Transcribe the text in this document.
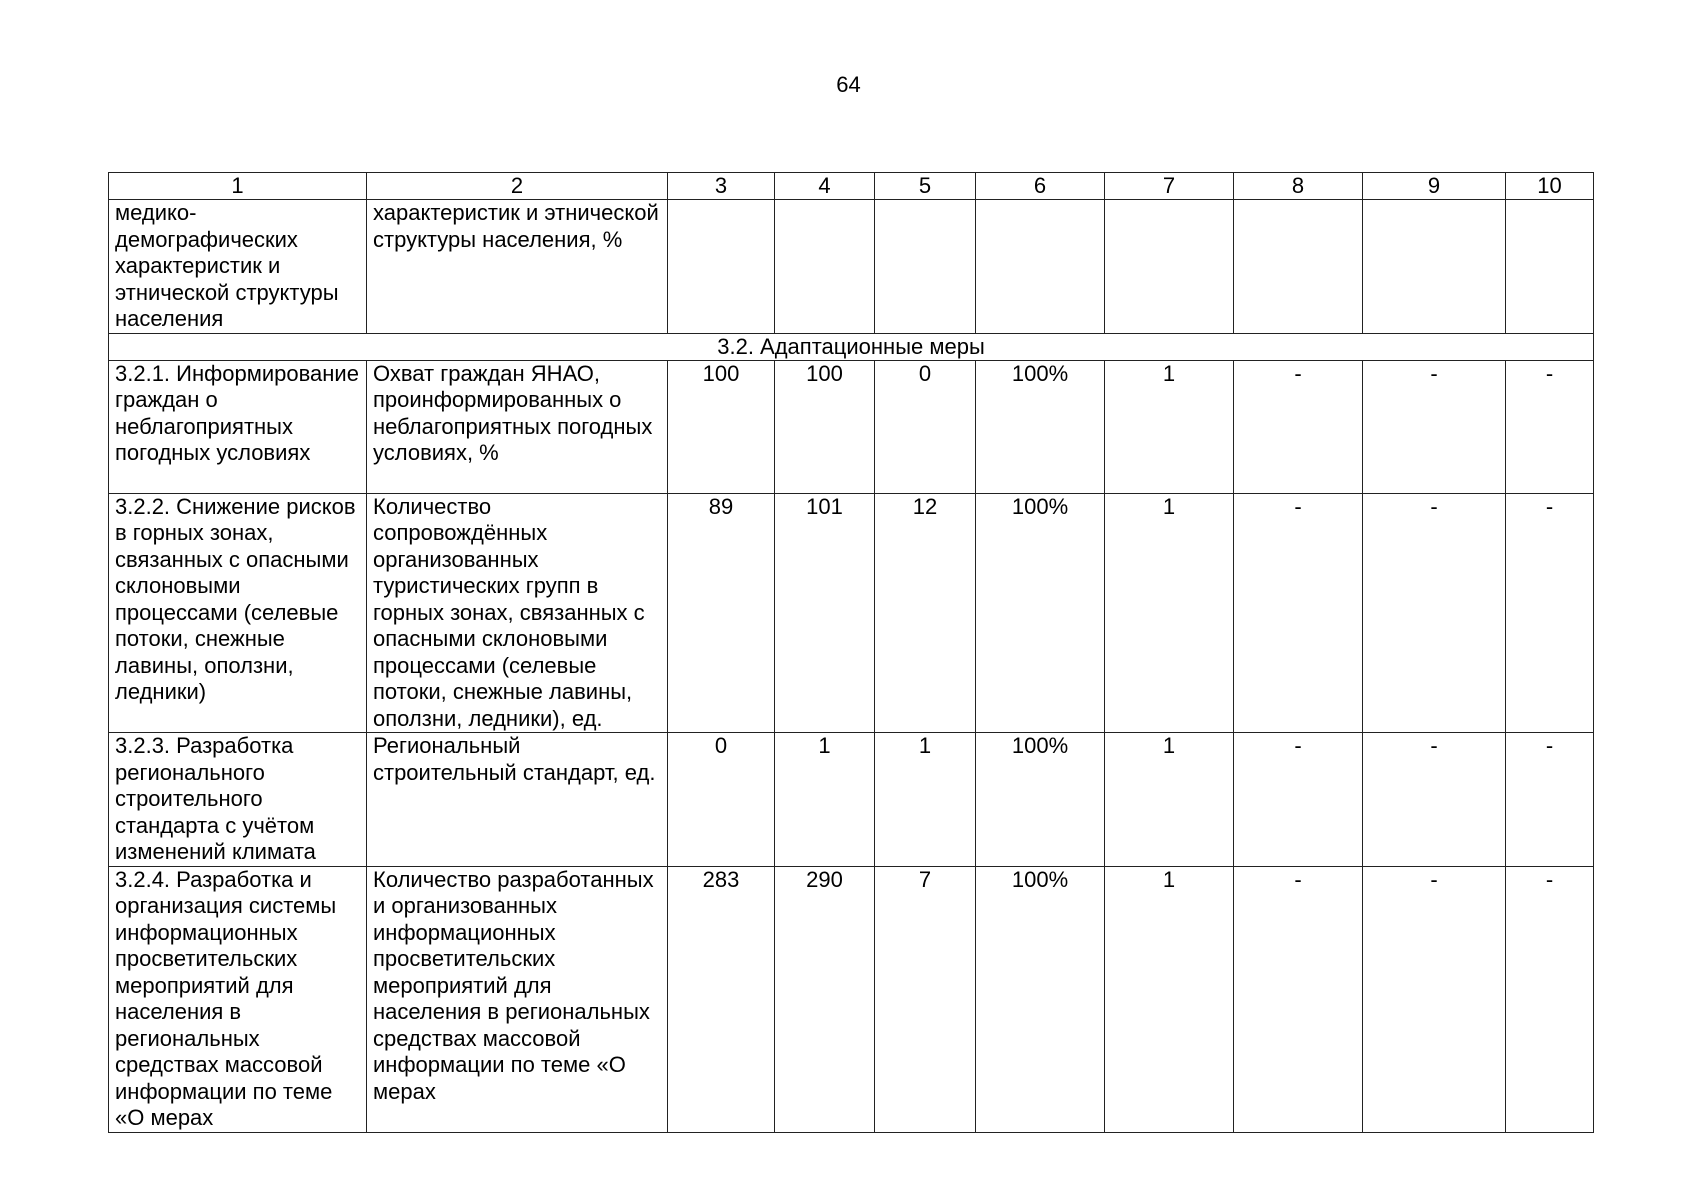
64
1	2	3	4	5	6	7	8	9	10
медико-демографических характеристик и этнической структуры населения	характеристик и этнической структуры населения, %								
3.2. Адаптационные меры									
3.2.1. Информирование граждан о неблагоприятных погодных условиях	Охват граждан ЯНАО, проинформированных о неблагоприятных погодных условиях, %	100	100	0	100%	1	-	-	-
3.2.2. Снижение рисков в горных зонах, связанных с опасными склоновыми процессами (селевые потоки, снежные лавины, оползни, ледники)	Количество сопровождённых организованных туристических групп в горных зонах, связанных с опасными склоновыми процессами (селевые потоки, снежные лавины, оползни, ледники), ед.	89	101	12	100%	1	-	-	-
3.2.3. Разработка регионального строительного стандарта с учётом изменений климата	Региональный строительный стандарт, ед.	0	1	1	100%	1	-	-	-
3.2.4. Разработка и организация системы информационных просветительских мероприятий для населения в региональных средствах массовой информации по теме «О мерах	Количество разработанных и организованных информационных просветительских мероприятий для населения в региональных средствах массовой информации по теме «О мерах	283	290	7	100%	1	-	-	-
